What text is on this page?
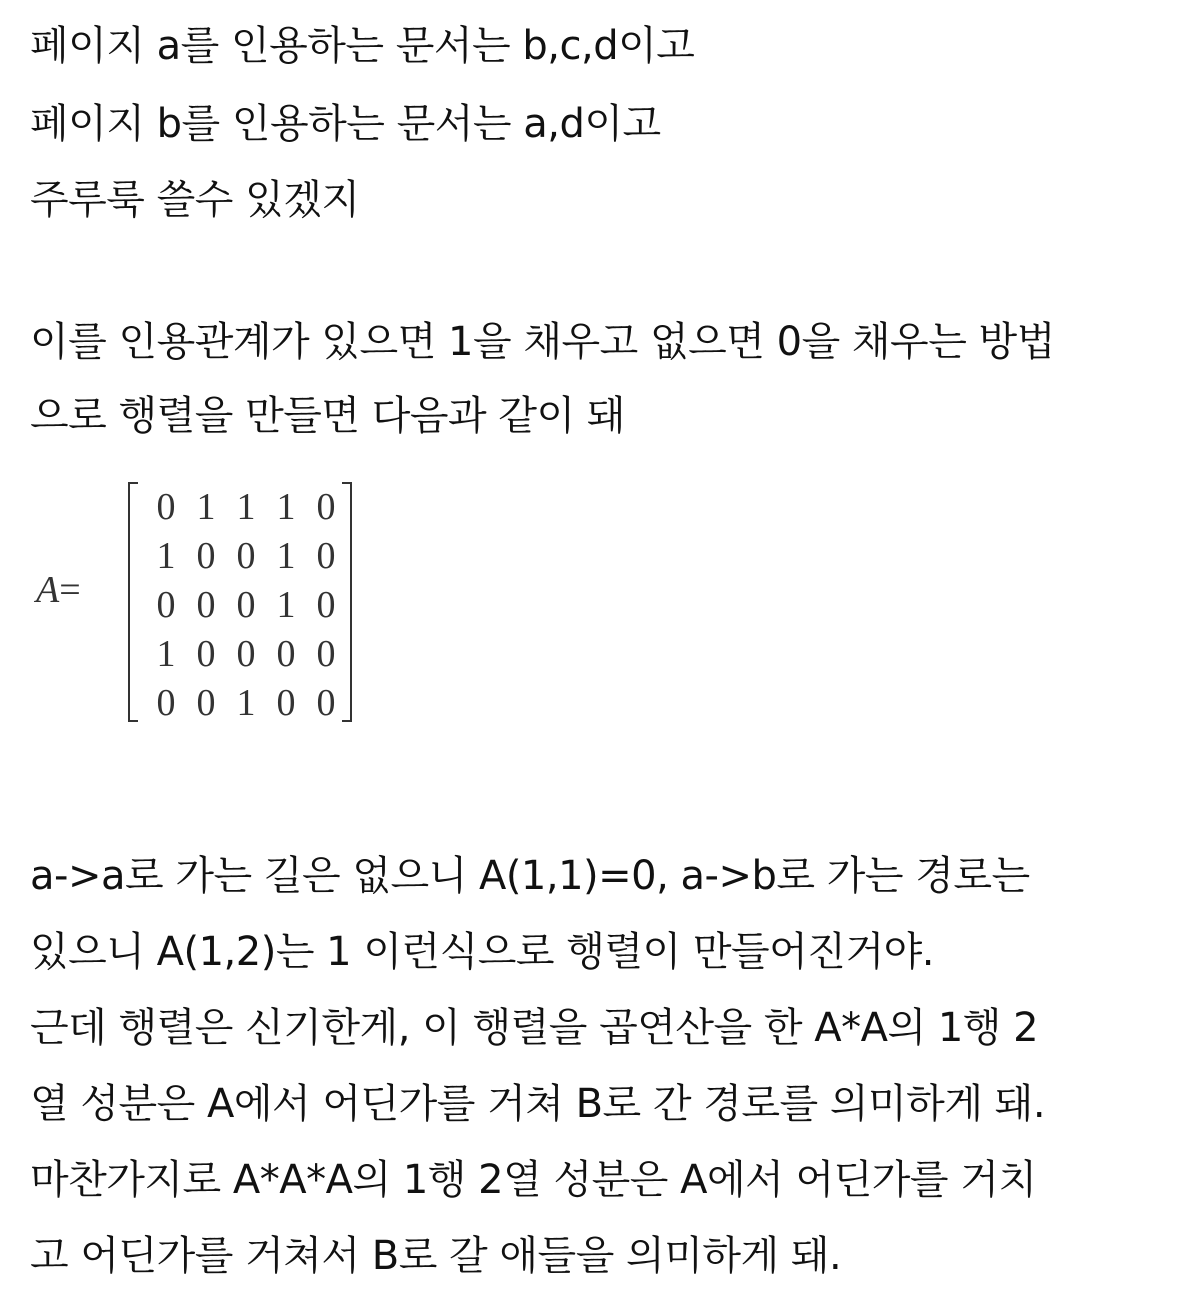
페이지 a를 인용하는 문서는 b,c,d이고
페이지 b를 인용하는 문서는 a,d이고
주루룩 쓸수 있겠지
이를 인용관계가 있으면 1을 채우고 없으면 0을 채우는 방법
으로 행렬을 만들면 다음과 같이 돼
A=
0 1 1 1 0
1 0 0 1 0
0 0 0 1 0
1 0 0 0 0
0 0 1 0 0
a->a로 가는 길은 없으니 A(1,1)=0, a->b로 가는 경로는
있으니 A(1,2)는 1 이런식으로 행렬이 만들어진거야.
근데 행렬은 신기한게, 이 행렬을 곱연산을 한 A*A의 1행 2
열 성분은 A에서 어딘가를 거쳐 B로 간 경로를 의미하게 돼.
마찬가지로 A*A*A의 1행 2열 성분은 A에서 어딘가를 거치
고 어딘가를 거쳐서 B로 갈 애들을 의미하게 돼.
